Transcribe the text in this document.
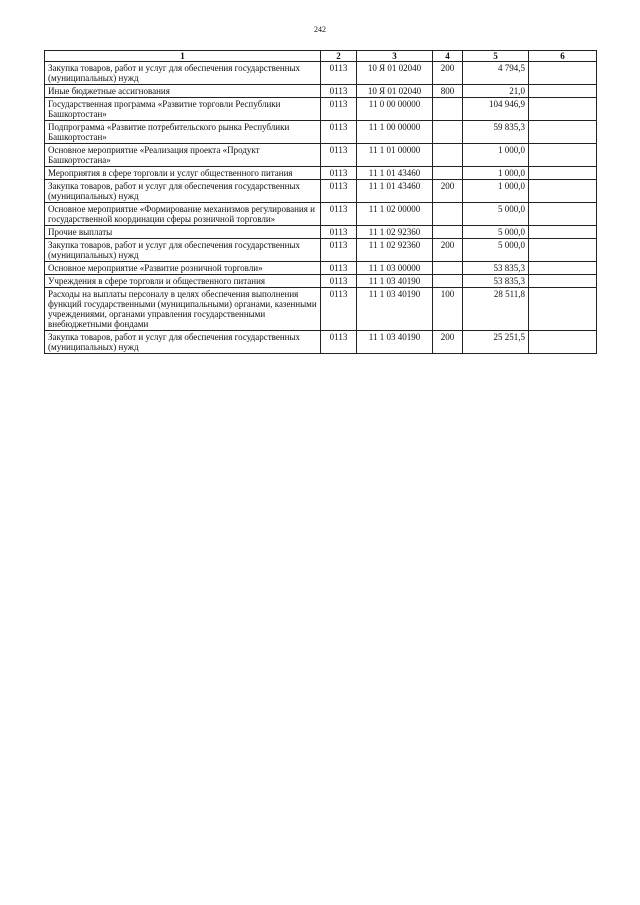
242
1	2	3	4	5	6
Закупка товаров, работ и услуг для обеспечения государственных (муниципальных) нужд	0113	10 Я 01 02040	200	4 794,5	
Иные бюджетные ассигнования	0113	10 Я 01 02040	800	21,0	
Государственная программа «Развитие торговли Республики Башкортостан»	0113	11 0 00 00000		104 946,9	
Подпрограмма «Развитие потребительского рынка Республики Башкортостан»	0113	11 1 00 00000		59 835,3	
Основное мероприятие «Реализация проекта «Продукт Башкортостана»	0113	11 1 01 00000		1 000,0	
Мероприятия в сфере торговли и услуг общественного питания	0113	11 1 01 43460		1 000,0	
Закупка товаров, работ и услуг для обеспечения государственных (муниципальных) нужд	0113	11 1 01 43460	200	1 000,0	
Основное мероприятие «Формирование механизмов регулирования и государственной координации сферы розничной торговли»	0113	11 1 02 00000		5 000,0	
Прочие выплаты	0113	11 1 02 92360		5 000,0	
Закупка товаров, работ и услуг для обеспечения государственных (муниципальных) нужд	0113	11 1 02 92360	200	5 000,0	
Основное мероприятие «Развитие розничной торговли»	0113	11 1 03 00000		53 835,3	
Учреждения в сфере торговли и общественного питания	0113	11 1 03 40190		53 835,3	
Расходы на выплаты персоналу в целях обеспечения выполнения функций государственными (муниципальными) органами, казенными учреждениями, органами управления государственными внебюджетными фондами	0113	11 1 03 40190	100	28 511,8	
Закупка товаров, работ и услуг для обеспечения государственных (муниципальных) нужд	0113	11 1 03 40190	200	25 251,5	
